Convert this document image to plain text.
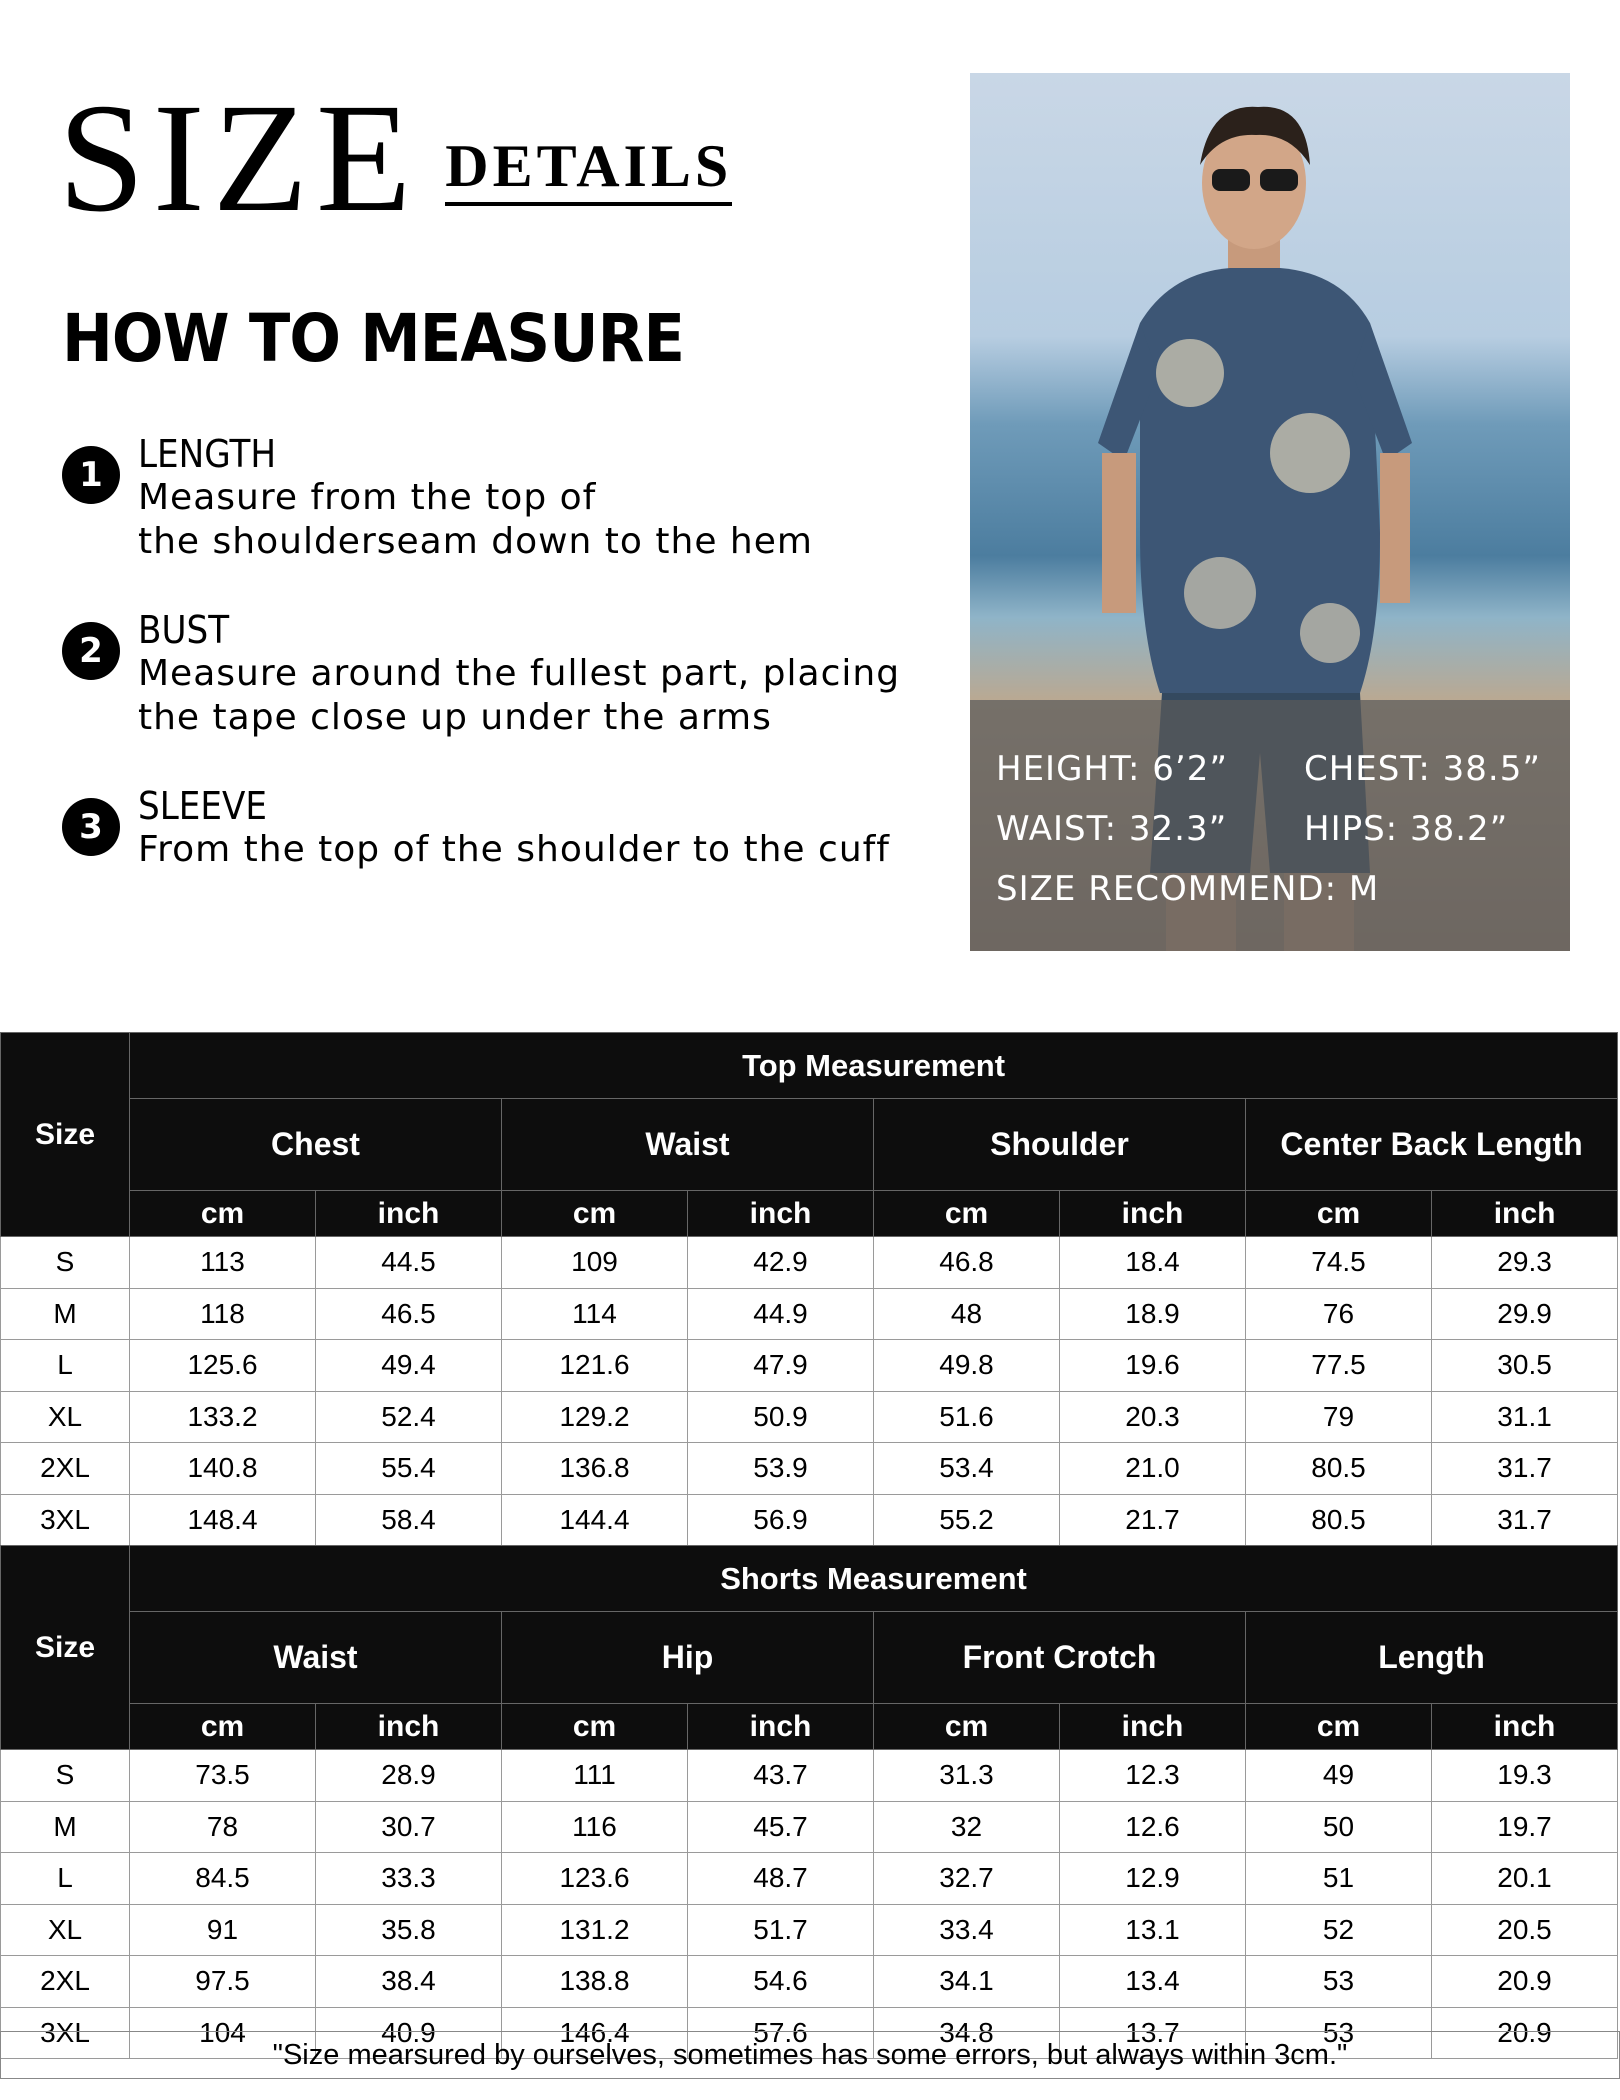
SIZE DETAILS
HOW TO MEASURE
1 LENGTH
Measure from the top of
the shoulderseam down to the hem
2 BUST
Measure around the fullest part, placing
the tape close up under the arms
3 SLEEVE
From the top of the shoulder to the cuff
HEIGHT: 6’2” CHEST: 38.5”
WAIST: 32.3” HIPS: 38.2”
SIZE RECOMMEND: M
Size	Top Measurement							
	Chest		Waist		Shoulder		Center Back Length	
	cm	inch	cm	inch	cm	inch	cm	inch
S	113	44.5	109	42.9	46.8	18.4	74.5	29.3
M	118	46.5	114	44.9	48	18.9	76	29.9
L	125.6	49.4	121.6	47.9	49.8	19.6	77.5	30.5
XL	133.2	52.4	129.2	50.9	51.6	20.3	79	31.1
2XL	140.8	55.4	136.8	53.9	53.4	21.0	80.5	31.7
3XL	148.4	58.4	144.4	56.9	55.2	21.7	80.5	31.7
Size	Shorts Measurement							
	Waist		Hip		Front Crotch		Length	
	cm	inch	cm	inch	cm	inch	cm	inch
S	73.5	28.9	111	43.7	31.3	12.3	49	19.3
M	78	30.7	116	45.7	32	12.6	50	19.7
L	84.5	33.3	123.6	48.7	32.7	12.9	51	20.1
XL	91	35.8	131.2	51.7	33.4	13.1	52	20.5
2XL	97.5	38.4	138.8	54.6	34.1	13.4	53	20.9
3XL	104	40.9	146.4	57.6	34.8	13.7	53	20.9
"Size mearsured by ourselves, sometimes has some errors, but always within 3cm."
